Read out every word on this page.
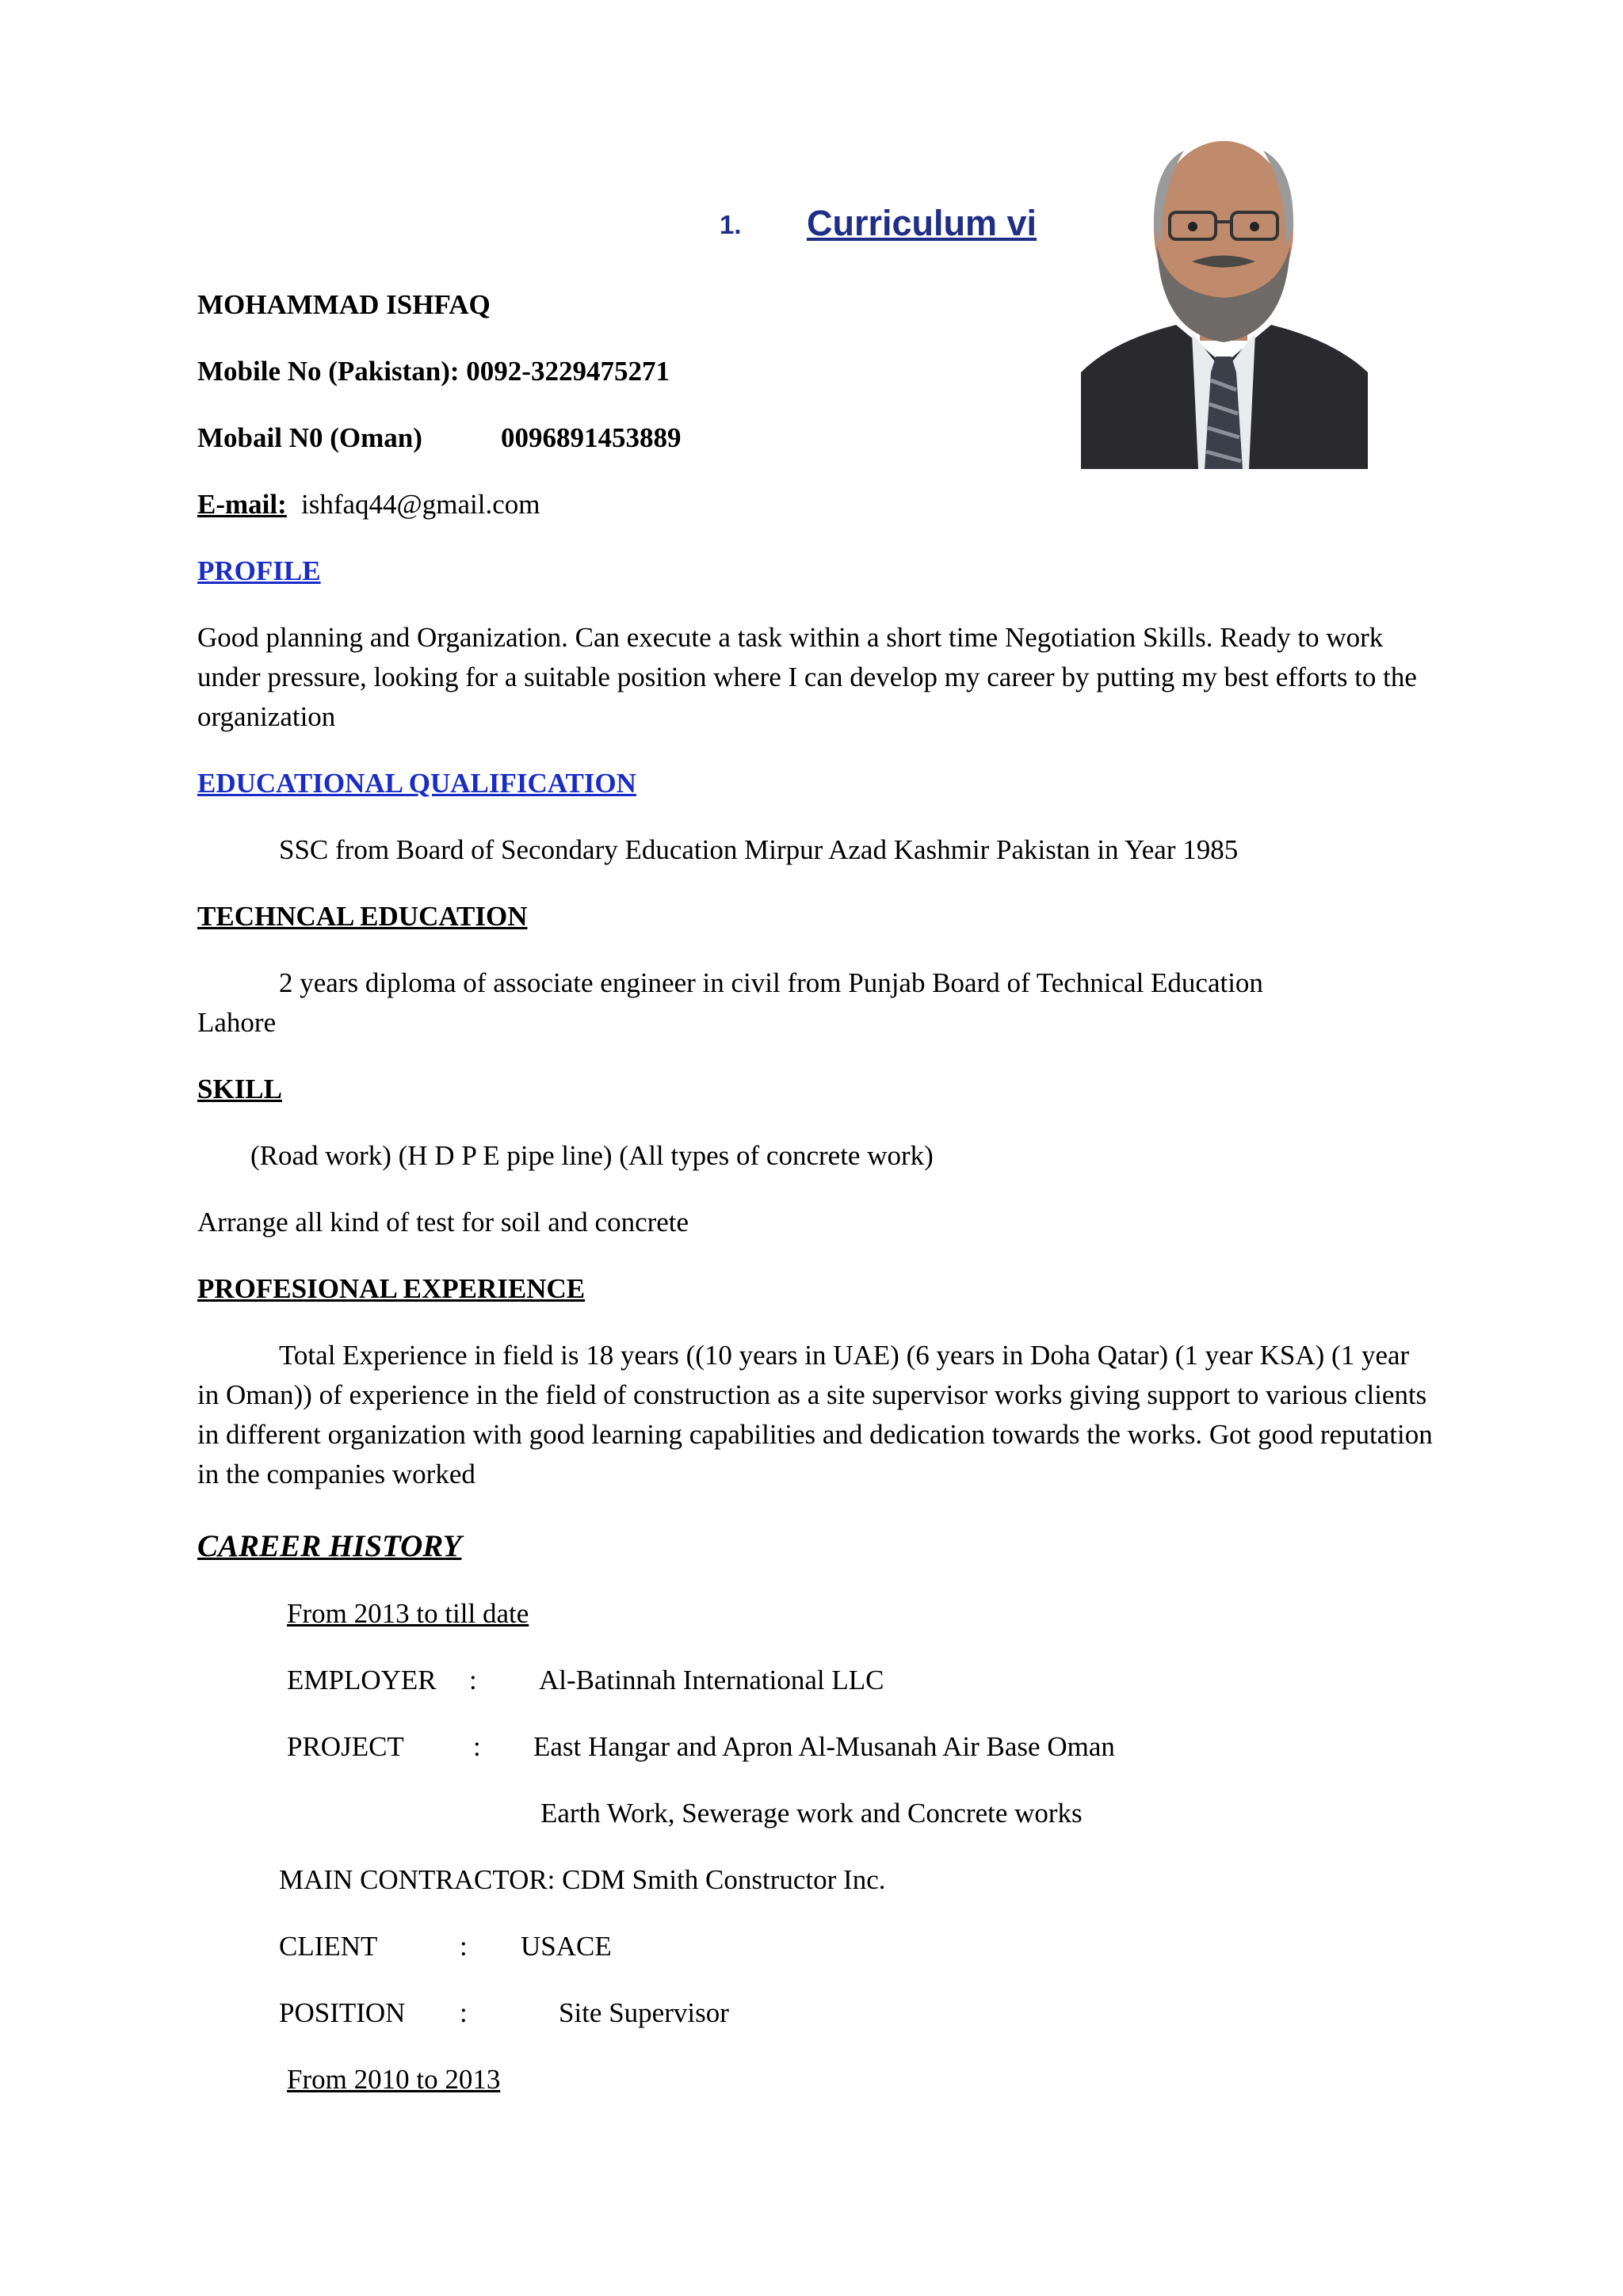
1. Curriculum vi
MOHAMMAD ISHFAQ
Mobile No (Pakistan): 0092-3229475271
Mobail N0 (Oman)	0096891453889
E-mail: ishfaq44@gmail.com
PROFILE
Good planning and Organization. Can execute a task within a short time Negotiation Skills. Ready to work under pressure, looking for a suitable position where I can develop my career by putting my best efforts to the organization
EDUCATIONAL QUALIFICATION
SSC from Board of Secondary Education Mirpur Azad Kashmir Pakistan in Year 1985
TECHNCAL EDUCATION
2 years diploma of associate engineer in civil from Punjab Board of Technical Education
Lahore
SKILL
(Road work) (H D P E pipe line) (All types of concrete work)
Arrange all kind of test for soil and concrete
PROFESIONAL EXPERIENCE
Total Experience in field is 18 years ((10 years in UAE) (6 years in Doha Qatar) (1 year KSA) (1 year in Oman)) of experience in the field of construction as a site supervisor works giving support to various clients in different organization with good learning capabilities and dedication towards the works. Got good reputation in the companies worked
CAREER HISTORY
From 2013 to till date
EMPLOYER : Al-Batinnah International LLC
PROJECT : East Hangar and Apron Al-Musanah Air Base Oman
Earth Work, Sewerage work and Concrete works
MAIN CONTRACTOR: CDM Smith Constructor Inc.
CLIENT	: USACE
POSITION :	Site Supervisor
From 2010 to 2013
